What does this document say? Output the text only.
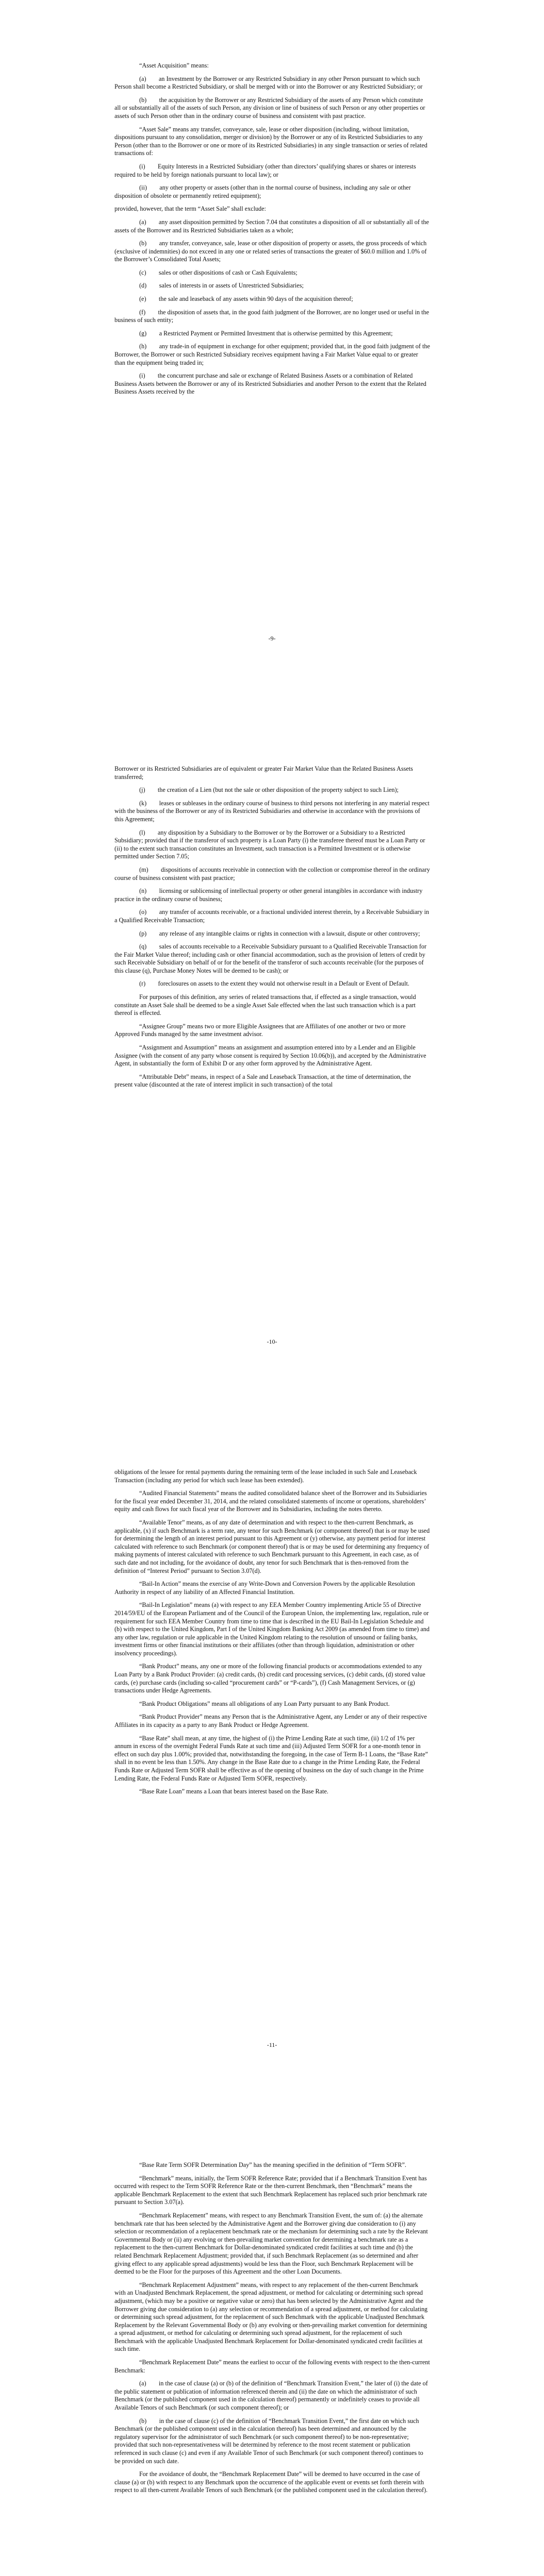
“Asset Acquisition” means:

(a)  an Investment by the Borrower or any Restricted Subsidiary in any other Person pursuant to which such Person shall become a Restricted Subsidiary, or shall be merged with or into the Borrower or any Restricted Subsidiary; or

(b)  the acquisition by the Borrower or any Restricted Subsidiary of the assets of any Person which constitute all or substantially all of the assets of such Person, any division or line of business of such Person or any other properties or assets of such Person other than in the ordinary course of business and consistent with past practice.

“Asset Sale” means any transfer, conveyance, sale, lease or other disposition (including, without limitation, dispositions pursuant to any consolidation, merger or division) by the Borrower or any of its Restricted Subsidiaries to any Person (other than to the Borrower or one or more of its Restricted Subsidiaries) in any single transaction or series of related transactions of:

(i)  Equity Interests in a Restricted Subsidiary (other than directors’ qualifying shares or shares or interests required to be held by foreign nationals pursuant to local law); or

(ii)  any other property or assets (other than in the normal course of business, including any sale or other disposition of obsolete or permanently retired equipment);

provided, however, that the term “Asset Sale” shall exclude:

(a)  any asset disposition permitted by Section 7.04 that constitutes a disposition of all or substantially all of the assets of the Borrower and its Restricted Subsidiaries taken as a whole;

(b)  any transfer, conveyance, sale, lease or other disposition of property or assets, the gross proceeds of which (exclusive of indemnities) do not exceed in any one or related series of transactions the greater of $60.0 million and 1.0% of the Borrower’s Consolidated Total Assets;

(c)  sales or other dispositions of cash or Cash Equivalents;

(d)  sales of interests in or assets of Unrestricted Subsidiaries;

(e)  the sale and leaseback of any assets within 90 days of the acquisition thereof;

(f)  the disposition of assets that, in the good faith judgment of the Borrower, are no longer used or useful in the business of such entity;

(g)  a Restricted Payment or Permitted Investment that is otherwise permitted by this Agreement;

(h)  any trade-in of equipment in exchange for other equipment; provided that, in the good faith judgment of the Borrower, the Borrower or such Restricted Subsidiary receives equipment having a Fair Market Value equal to or greater than the equipment being traded in;

(i)  the concurrent purchase and sale or exchange of Related Business Assets or a combination of Related Business Assets between the Borrower or any of its Restricted Subsidiaries and another Person to the extent that the Related Business Assets received by the

-9-

Borrower or its Restricted Subsidiaries are of equivalent or greater Fair Market Value than the Related Business Assets transferred;

(j)  the creation of a Lien (but not the sale or other disposition of the property subject to such Lien);

(k)  leases or subleases in the ordinary course of business to third persons not interfering in any material respect with the business of the Borrower or any of its Restricted Subsidiaries and otherwise in accordance with the provisions of this Agreement;

(l)  any disposition by a Subsidiary to the Borrower or by the Borrower or a Subsidiary to a Restricted Subsidiary; provided that if the transferor of such property is a Loan Party (i) the transferee thereof must be a Loan Party or (ii) to the extent such transaction constitutes an Investment, such transaction is a Permitted Investment or is otherwise permitted under Section 7.05;

(m)  dispositions of accounts receivable in connection with the collection or compromise thereof in the ordinary course of business consistent with past practice;

(n)  licensing or sublicensing of intellectual property or other general intangibles in accordance with industry practice in the ordinary course of business;

(o)  any transfer of accounts receivable, or a fractional undivided interest therein, by a Receivable Subsidiary in a Qualified Receivable Transaction;

(p)  any release of any intangible claims or rights in connection with a lawsuit, dispute or other controversy;

(q)  sales of accounts receivable to a Receivable Subsidiary pursuant to a Qualified Receivable Transaction for the Fair Market Value thereof; including cash or other financial accommodation, such as the provision of letters of credit by such Receivable Subsidiary on behalf of or for the benefit of the transferor of such accounts receivable (for the purposes of this clause (q), Purchase Money Notes will be deemed to be cash); or

(r)  foreclosures on assets to the extent they would not otherwise result in a Default or Event of Default.

For purposes of this definition, any series of related transactions that, if effected as a single transaction, would constitute an Asset Sale shall be deemed to be a single Asset Sale effected when the last such transaction which is a part thereof is effected.

“Assignee Group” means two or more Eligible Assignees that are Affiliates of one another or two or more Approved Funds managed by the same investment advisor.

“Assignment and Assumption” means an assignment and assumption entered into by a Lender and an Eligible Assignee (with the consent of any party whose consent is required by Section 10.06(b)), and accepted by the Administrative Agent, in substantially the form of Exhibit D or any other form approved by the Administrative Agent.

“Attributable Debt” means, in respect of a Sale and Leaseback Transaction, at the time of determination, the present value (discounted at the rate of interest implicit in such transaction) of the total

-10-

obligations of the lessee for rental payments during the remaining term of the lease included in such Sale and Leaseback Transaction (including any period for which such lease has been extended).

“Audited Financial Statements” means the audited consolidated balance sheet of the Borrower and its Subsidiaries for the fiscal year ended December 31, 2014, and the related consolidated statements of income or operations, shareholders’ equity and cash flows for such fiscal year of the Borrower and its Subsidiaries, including the notes thereto.

“Available Tenor” means, as of any date of determination and with respect to the then-current Benchmark, as applicable, (x) if such Benchmark is a term rate, any tenor for such Benchmark (or component thereof) that is or may be used for determining the length of an interest period pursuant to this Agreement or (y) otherwise, any payment period for interest calculated with reference to such Benchmark (or component thereof) that is or may be used for determining any frequency of making payments of interest calculated with reference to such Benchmark pursuant to this Agreement, in each case, as of such date and not including, for the avoidance of doubt, any tenor for such Benchmark that is then-removed from the definition of “Interest Period” pursuant to Section 3.07(d).

“Bail-In Action” means the exercise of any Write-Down and Conversion Powers by the applicable Resolution Authority in respect of any liability of an Affected Financial Institution.

“Bail-In Legislation” means (a) with respect to any EEA Member Country implementing Article 55 of Directive 2014/59/EU of the European Parliament and of the Council of the European Union, the implementing law, regulation, rule or requirement for such EEA Member Country from time to time that is described in the EU Bail-In Legislation Schedule and (b) with respect to the United Kingdom, Part I of the United Kingdom Banking Act 2009 (as amended from time to time) and any other law, regulation or rule applicable in the United Kingdom relating to the resolution of unsound or failing banks, investment firms or other financial institutions or their affiliates (other than through liquidation, administration or other insolvency proceedings).

“Bank Product” means, any one or more of the following financial products or accommodations extended to any Loan Party by a Bank Product Provider: (a) credit cards, (b) credit card processing services, (c) debit cards, (d) stored value cards, (e) purchase cards (including so-called “procurement cards” or “P-cards”), (f) Cash Management Services, or (g) transactions under Hedge Agreements.

“Bank Product Obligations” means all obligations of any Loan Party pursuant to any Bank Product.

“Bank Product Provider” means any Person that is the Administrative Agent, any Lender or any of their respective Affiliates in its capacity as a party to any Bank Product or Hedge Agreement.

“Base Rate” shall mean, at any time, the highest of (i) the Prime Lending Rate at such time, (ii) 1/2 of 1% per annum in excess of the overnight Federal Funds Rate at such time and (iii) Adjusted Term SOFR for a one-month tenor in effect on such day plus 1.00%; provided that, notwithstanding the foregoing, in the case of Term B-1 Loans, the “Base Rate” shall in no event be less than 1.50%. Any change in the Base Rate due to a change in the Prime Lending Rate, the Federal Funds Rate or Adjusted Term SOFR shall be effective as of the opening of business on the day of such change in the Prime Lending Rate, the Federal Funds Rate or Adjusted Term SOFR, respectively.

“Base Rate Loan” means a Loan that bears interest based on the Base Rate.

-11-

“Base Rate Term SOFR Determination Day” has the meaning specified in the definition of “Term SOFR”.

“Benchmark” means, initially, the Term SOFR Reference Rate; provided that if a Benchmark Transition Event has occurred with respect to the Term SOFR Reference Rate or the then-current Benchmark, then “Benchmark” means the applicable Benchmark Replacement to the extent that such Benchmark Replacement has replaced such prior benchmark rate pursuant to Section 3.07(a).

“Benchmark Replacement” means, with respect to any Benchmark Transition Event, the sum of: (a) the alternate benchmark rate that has been selected by the Administrative Agent and the Borrower giving due consideration to (i) any selection or recommendation of a replacement benchmark rate or the mechanism for determining such a rate by the Relevant Governmental Body or (ii) any evolving or then-prevailing market convention for determining a benchmark rate as a replacement to the then-current Benchmark for Dollar-denominated syndicated credit facilities at such time and (b) the related Benchmark Replacement Adjustment; provided that, if such Benchmark Replacement (as so determined and after giving effect to any applicable spread adjustments) would be less than the Floor, such Benchmark Replacement will be deemed to be the Floor for the purposes of this Agreement and the other Loan Documents.

“Benchmark Replacement Adjustment” means, with respect to any replacement of the then-current Benchmark with an Unadjusted Benchmark Replacement, the spread adjustment, or method for calculating or determining such spread adjustment, (which may be a positive or negative value or zero) that has been selected by the Administrative Agent and the Borrower giving due consideration to (a) any selection or recommendation of a spread adjustment, or method for calculating or determining such spread adjustment, for the replacement of such Benchmark with the applicable Unadjusted Benchmark Replacement by the Relevant Governmental Body or (b) any evolving or then-prevailing market convention for determining a spread adjustment, or method for calculating or determining such spread adjustment, for the replacement of such Benchmark with the applicable Unadjusted Benchmark Replacement for Dollar-denominated syndicated credit facilities at such time.

“Benchmark Replacement Date” means the earliest to occur of the following events with respect to the then-current Benchmark:

(a)  in the case of clause (a) or (b) of the definition of “Benchmark Transition Event,” the later of (i) the date of the public statement or publication of information referenced therein and (ii) the date on which the administrator of such Benchmark (or the published component used in the calculation thereof) permanently or indefinitely ceases to provide all Available Tenors of such Benchmark (or such component thereof); or

(b)  in the case of clause (c) of the definition of “Benchmark Transition Event,” the first date on which such Benchmark (or the published component used in the calculation thereof) has been determined and announced by the regulatory supervisor for the administrator of such Benchmark (or such component thereof) to be non-representative; provided that such non-representativeness will be determined by reference to the most recent statement or publication referenced in such clause (c) and even if any Available Tenor of such Benchmark (or such component thereof) continues to be provided on such date.

For the avoidance of doubt, the “Benchmark Replacement Date” will be deemed to have occurred in the case of clause (a) or (b) with respect to any Benchmark upon the occurrence of the applicable event or events set forth therein with respect to all then-current Available Tenors of such Benchmark (or the published component used in the calculation thereof).
